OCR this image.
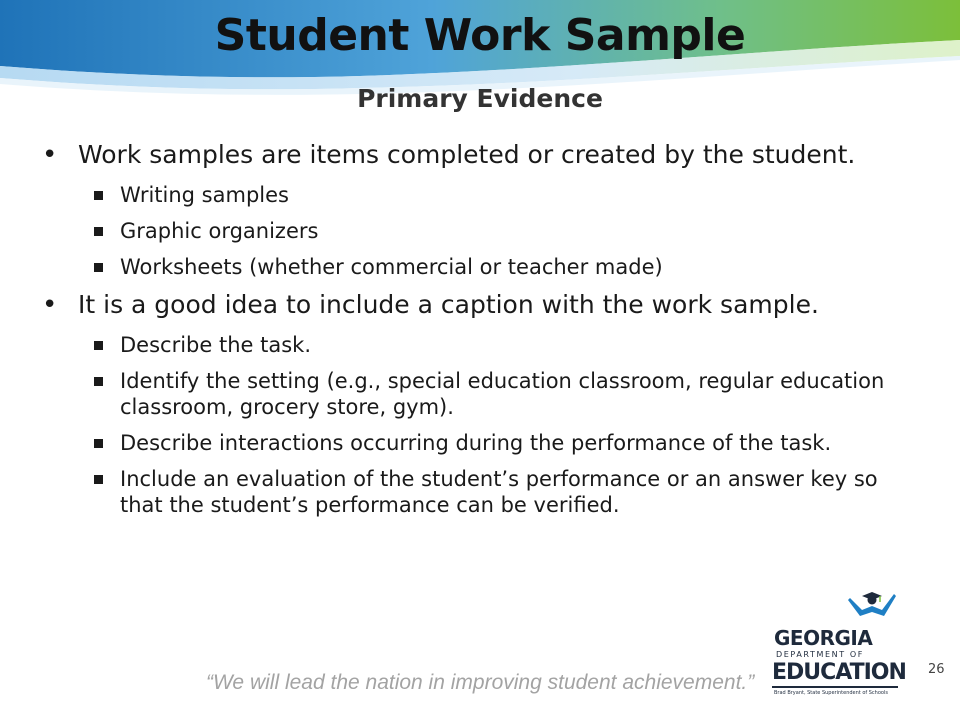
Student Work Sample
Primary Evidence
• Work samples are items completed or created by the student.
Writing samples
Graphic organizers
Worksheets (whether commercial or teacher made)
• It is a good idea to include a caption with the work sample.
Describe the task.
Identify the setting (e.g., special education classroom, regular education classroom, grocery store, gym).
Describe interactions occurring during the performance of the task.
Include an evaluation of the student’s performance or an answer key so that the student’s performance can be verified.
“We will lead the nation in improving student achievement.”
GEORGIA
DEPARTMENT OF
EDUCATION
Brad Bryant, State Superintendent of Schools
26
